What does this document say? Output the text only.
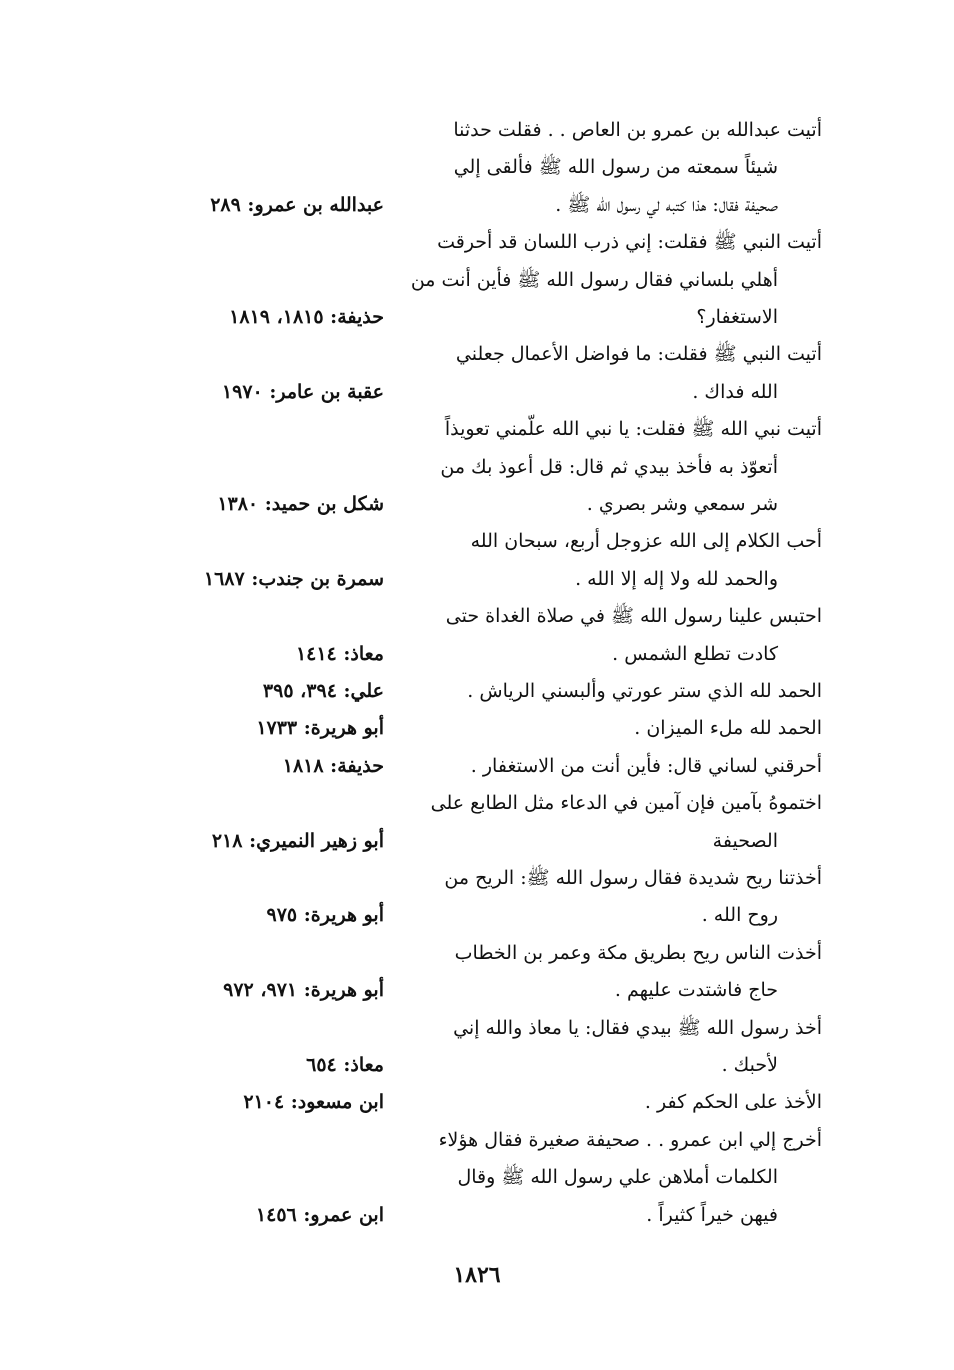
أتيت عبدالله بن عمرو بن العاص . . فقلت حدثنا
شيئاً سمعته من رسول الله ﷺ فألقى إلي
صحيفة فقال: هذا كتبه لي رسول الله ﷺ .
عبدالله بن عمرو: ٢٨٩
أتيت النبي ﷺ فقلت: إني ذرب اللسان قد أحرقت
أهلي بلساني فقال رسول الله ﷺ فأين أنت من
الاستغفار؟
حذيفة: ١٨١٥، ١٨١٩
أتيت النبي ﷺ فقلت: ما فواضل الأعمال جعلني
الله فداك .
عقبة بن عامر: ١٩٧٠
أتيت نبي الله ﷺ فقلت: يا نبي الله علّمني تعويذاً
أتعوّذ به فأخذ بيدي ثم قال: قل أعوذ بك من
شر سمعي وشر بصري .
شكل بن حميد: ١٣٨٠
أحب الكلام إلى الله عزوجل أربع، سبحان الله
والحمد لله ولا إله إلا الله .
سمرة بن جندب: ١٦٨٧
احتبس علينا رسول الله ﷺ في صلاة الغداة حتى
كادت تطلع الشمس .
معاذ: ١٤١٤
الحمد لله الذي ستر عورتي وألبسني الرياش .
علي: ٣٩٤، ٣٩٥
الحمد لله ملء الميزان .
أبو هريرة: ١٧٣٣
أحرقني لساني قال: فأين أنت من الاستغفار .
حذيفة: ١٨١٨
اختموهُ بآمين فإن آمين في الدعاء مثل الطابع على
الصحيفة
أبو زهير النميري: ٢١٨
أخذتنا ريح شديدة فقال رسول الله ﷺ: الريح من
روح الله .
أبو هريرة: ٩٧٥
أخذت الناس ريح بطريق مكة وعمر بن الخطاب
حاج فاشتدت عليهم .
أبو هريرة: ٩٧١، ٩٧٢
أخذ رسول الله ﷺ بيدي فقال: يا معاذ والله إني
لأحبك .
معاذ: ٦٥٤
الأخذ على الحكم كفر .
ابن مسعود: ٢١٠٤
أخرج إلي ابن عمرو . . صحيفة صغيرة فقال هؤلاء
الكلمات أملاهن علي رسول الله ﷺ وقال
فيهن خيراً كثيراً .
ابن عمرو: ١٤٥٦
١٨٢٦
